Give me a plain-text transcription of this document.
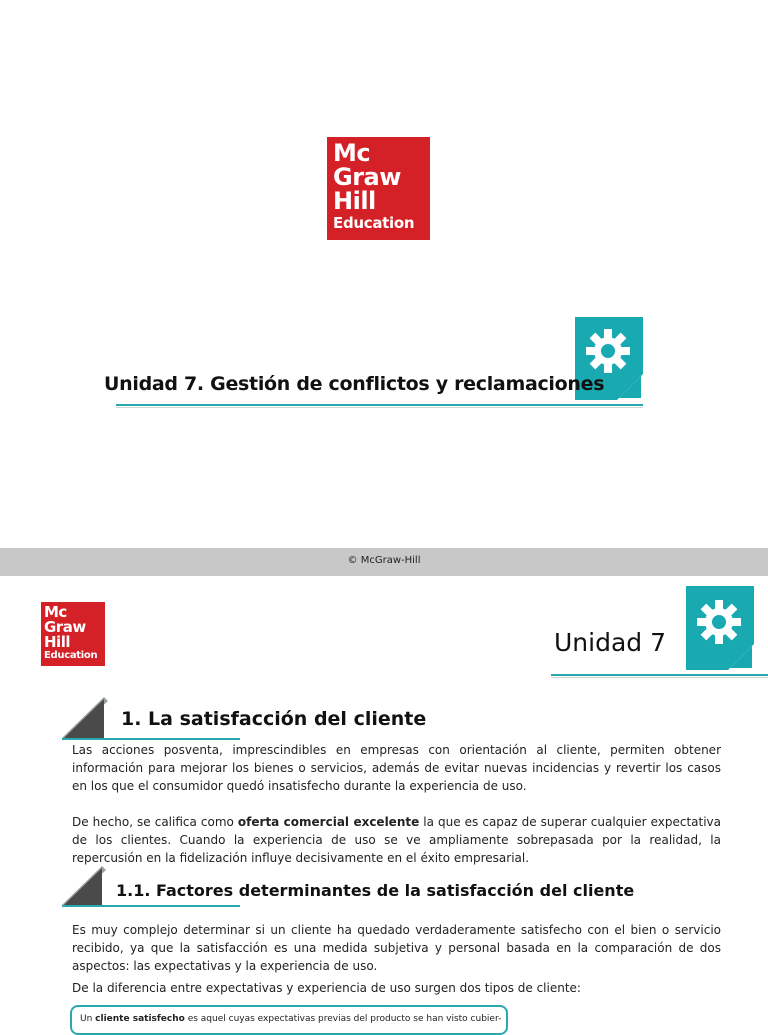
Mc
Graw
Hill
Education
Unidad 7. Gestión de conflictos y reclamaciones
© McGraw-Hill
Mc
Graw
Hill
Education	Unidad 7
1. La satisfacción del cliente
Las acciones posventa, imprescindibles en empresas con orientación al cliente, permiten obtener información para mejorar los bienes o servicios, además de evitar nuevas incidencias y revertir los casos en los que el consumidor quedó insatisfecho durante la experiencia de uso.
De hecho, se califica como oferta comercial excelente la que es capaz de superar cualquier expectativa de los clientes. Cuando la experiencia de uso se ve ampliamente sobrepasada por la realidad, la repercusión en la fidelización influye decisivamente en el éxito empresarial.
1.1. Factores determinantes de la satisfacción del cliente
Es muy complejo determinar si un cliente ha quedado verdaderamente satisfecho con el bien o servicio recibido, ya que la satisfacción es una medida subjetiva y personal basada en la comparación de dos aspectos: las expectativas y la experiencia de uso.
De la diferencia entre expectativas y experiencia de uso surgen dos tipos de cliente:
Un cliente satisfecho es aquel cuyas expectativas previas del producto se han visto cubier-
